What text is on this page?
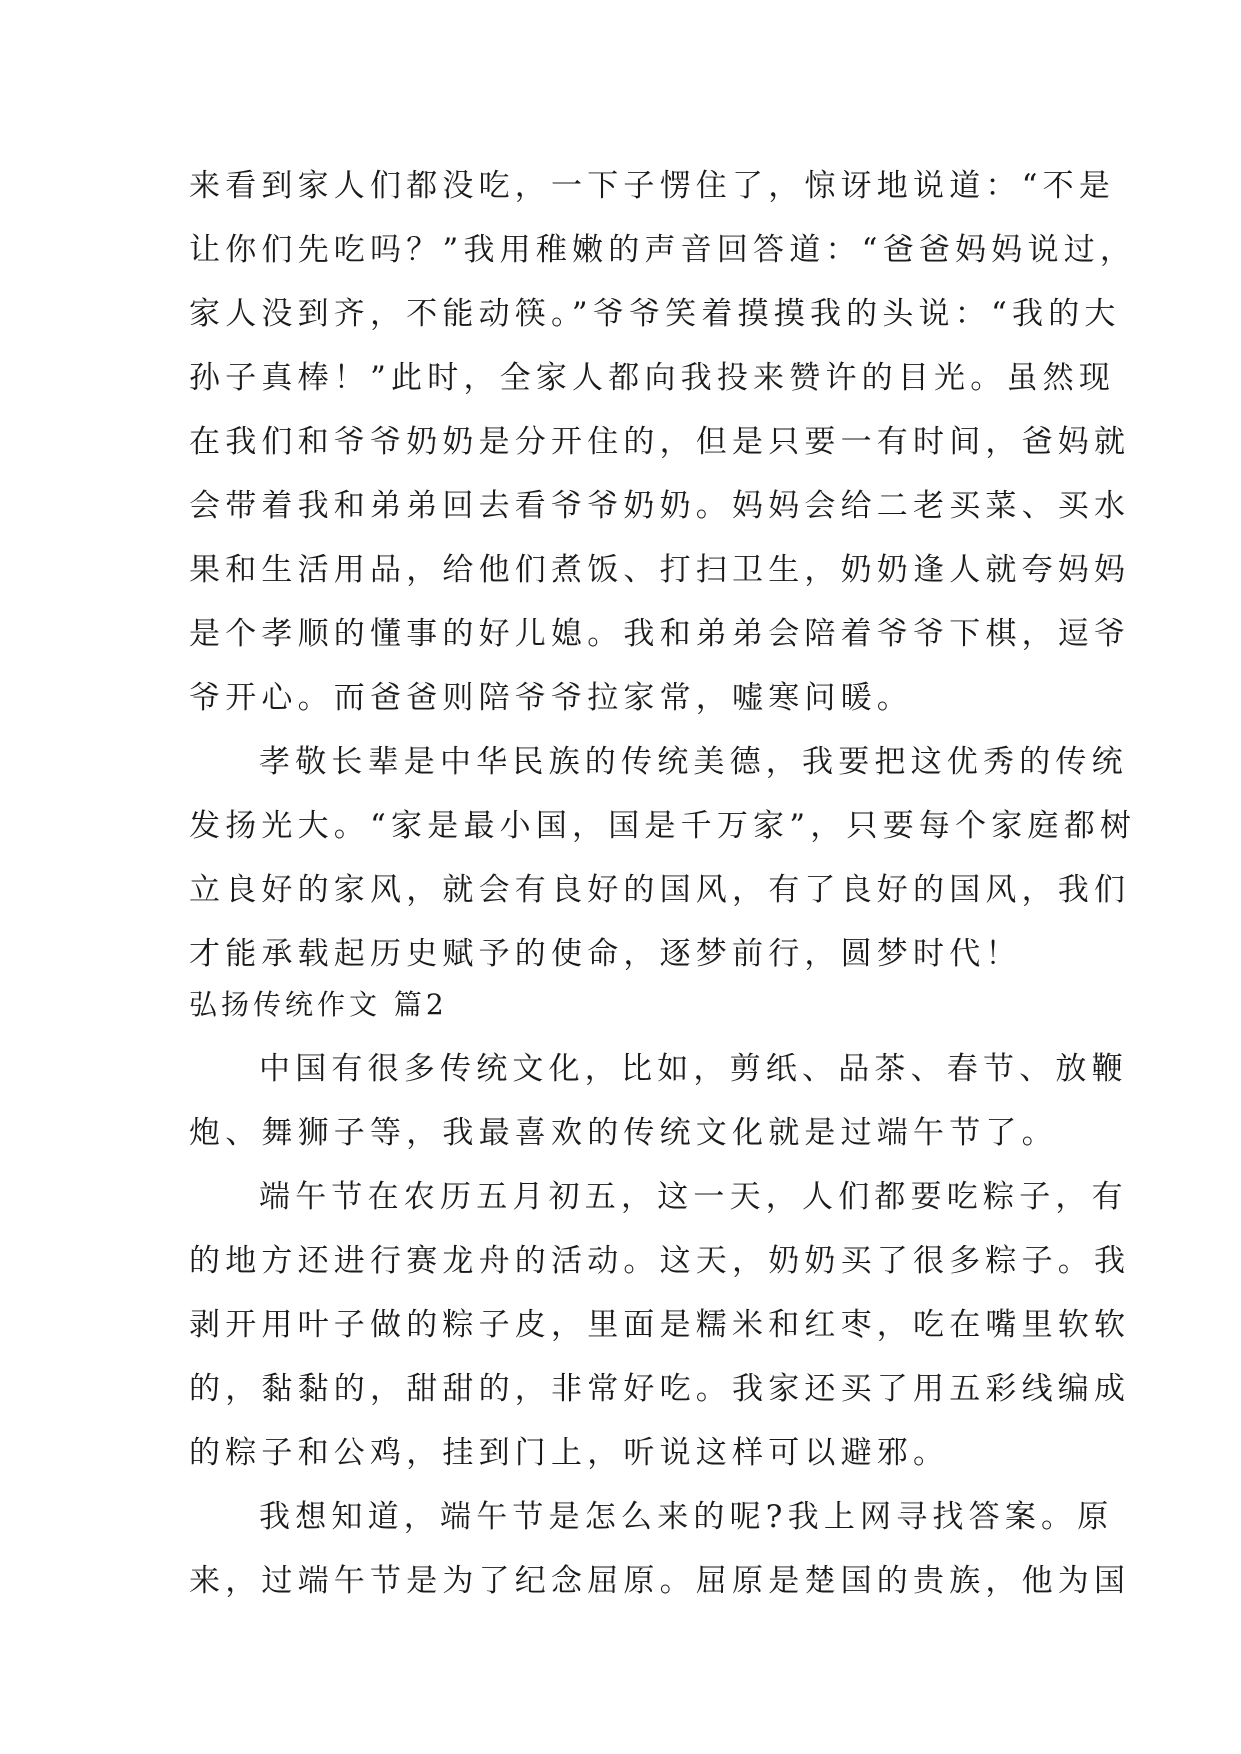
来看到家人们都没吃，一下子愣住了，惊讶地说道：“不是
让你们先吃吗？”我用稚嫩的声音回答道：“爸爸妈妈说过，
家人没到齐，不能动筷。”爷爷笑着摸摸我的头说：“我的大
孙子真棒！”此时，全家人都向我投来赞许的目光。虽然现
在我们和爷爷奶奶是分开住的，但是只要一有时间，爸妈就
会带着我和弟弟回去看爷爷奶奶。妈妈会给二老买菜、买水
果和生活用品，给他们煮饭、打扫卫生，奶奶逢人就夸妈妈
是个孝顺的懂事的好儿媳。我和弟弟会陪着爷爷下棋，逗爷
爷开心。而爸爸则陪爷爷拉家常，嘘寒问暖。
孝敬长辈是中华民族的传统美德，我要把这优秀的传统
发扬光大。“家是最小国，国是千万家”，只要每个家庭都树
立良好的家风，就会有良好的国风，有了良好的国风，我们
才能承载起历史赋予的使命，逐梦前行，圆梦时代！
弘扬传统作文 篇2
中国有很多传统文化，比如，剪纸、品茶、春节、放鞭
炮、舞狮子等，我最喜欢的传统文化就是过端午节了。
端午节在农历五月初五，这一天，人们都要吃粽子，有
的地方还进行赛龙舟的活动。这天，奶奶买了很多粽子。我
剥开用叶子做的粽子皮，里面是糯米和红枣，吃在嘴里软软
的，黏黏的，甜甜的，非常好吃。我家还买了用五彩线编成
的粽子和公鸡，挂到门上，听说这样可以避邪。
我想知道，端午节是怎么来的呢?我上网寻找答案。原
来，过端午节是为了纪念屈原。屈原是楚国的贵族，他为国
